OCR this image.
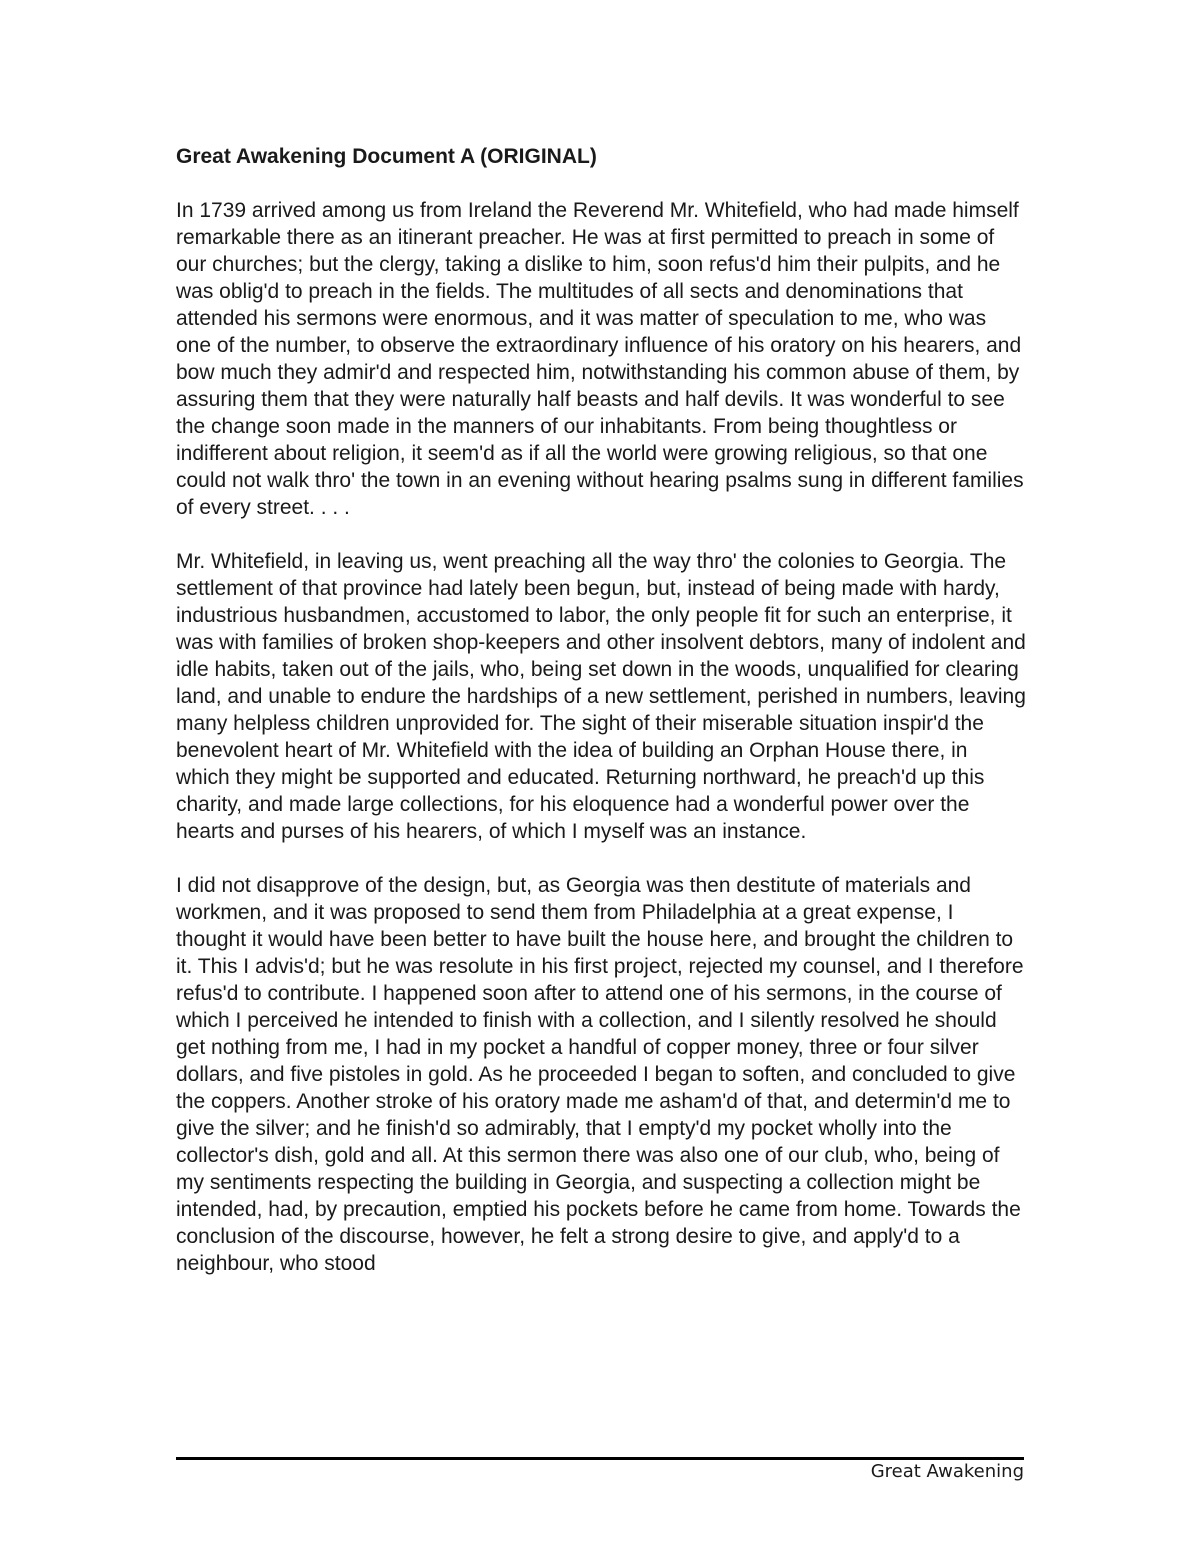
Great Awakening Document A (ORIGINAL)

In 1739 arrived among us from Ireland the Reverend Mr. Whitefield, who had made himself remarkable there as an itinerant preacher. He was at first permitted to preach in some of our churches; but the clergy, taking a dislike to him, soon refus'd him their pulpits, and he was oblig'd to preach in the fields. The multitudes of all sects and denominations that attended his sermons were enormous, and it was matter of speculation to me, who was one of the number, to observe the extraordinary influence of his oratory on his hearers, and bow much they admir'd and respected him, notwithstanding his common abuse of them, by assuring them that they were naturally half beasts and half devils. It was wonderful to see the change soon made in the manners of our inhabitants. From being thoughtless or indifferent about religion, it seem'd as if all the world were growing religious, so that one could not walk thro' the town in an evening without hearing psalms sung in different families of every street. . . .

Mr. Whitefield, in leaving us, went preaching all the way thro' the colonies to Georgia. The settlement of that province had lately been begun, but, instead of being made with hardy, industrious husbandmen, accustomed to labor, the only people fit for such an enterprise, it was with families of broken shop-keepers and other insolvent debtors, many of indolent and idle habits, taken out of the jails, who, being set down in the woods, unqualified for clearing land, and unable to endure the hardships of a new settlement, perished in numbers, leaving many helpless children unprovided for. The sight of their miserable situation inspir'd the benevolent heart of Mr. Whitefield with the idea of building an Orphan House there, in which they might be supported and educated. Returning northward, he preach'd up this charity, and made large collections, for his eloquence had a wonderful power over the hearts and purses of his hearers, of which I myself was an instance.

I did not disapprove of the design, but, as Georgia was then destitute of materials and workmen, and it was proposed to send them from Philadelphia at a great expense, I thought it would have been better to have built the house here, and brought the children to it. This I advis'd; but he was resolute in his first project, rejected my counsel, and I therefore refus'd to contribute. I happened soon after to attend one of his sermons, in the course of which I perceived he intended to finish with a collection, and I silently resolved he should get nothing from me, I had in my pocket a handful of copper money, three or four silver dollars, and five pistoles in gold. As he proceeded I began to soften, and concluded to give the coppers. Another stroke of his oratory made me asham'd of that, and determin'd me to give the silver; and he finish'd so admirably, that I empty'd my pocket wholly into the collector's dish, gold and all. At this sermon there was also one of our club, who, being of my sentiments respecting the building in Georgia, and suspecting a collection might be intended, had, by precaution, emptied his pockets before he came from home. Towards the conclusion of the discourse, however, he felt a strong desire to give, and apply'd to a neighbour, who stood

Great Awakening
